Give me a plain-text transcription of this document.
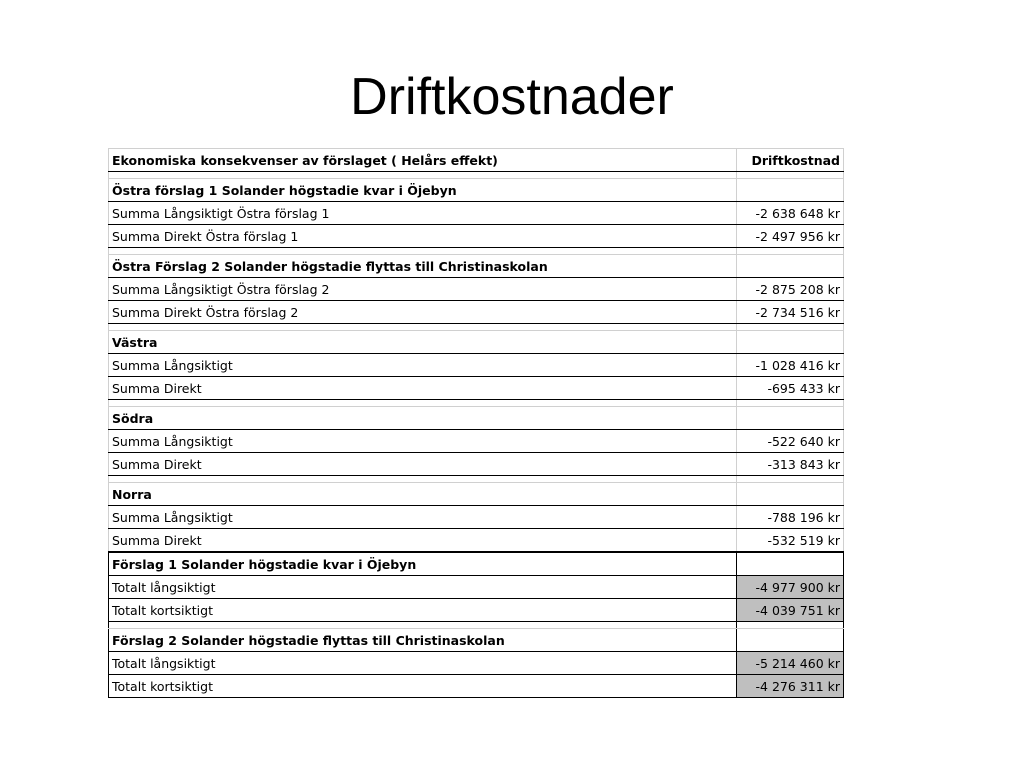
Driftkostnader
Ekonomiska konsekvenser av förslaget ( Helårs effekt)	Driftkostnad

Östra förslag 1 Solander högstadie kvar i Öjebyn	
Summa Långsiktigt Östra förslag 1	-2 638 648 kr
Summa Direkt Östra förslag 1	-2 497 956 kr

Östra Förslag 2 Solander högstadie flyttas till Christinaskolan	
Summa Långsiktigt Östra förslag 2	-2 875 208 kr
Summa Direkt Östra förslag 2	-2 734 516 kr

Västra	
Summa Långsiktigt	-1 028 416 kr
Summa Direkt	-695 433 kr

Södra	
Summa Långsiktigt	-522 640 kr
Summa Direkt	-313 843 kr

Norra	
Summa Långsiktigt	-788 196 kr
Summa Direkt	-532 519 kr
Förslag 1 Solander högstadie kvar i Öjebyn	
Totalt långsiktigt	-4 977 900 kr
Totalt kortsiktigt	-4 039 751 kr

Förslag 2 Solander högstadie flyttas till Christinaskolan	
Totalt långsiktigt	-5 214 460 kr
Totalt kortsiktigt	-4 276 311 kr
